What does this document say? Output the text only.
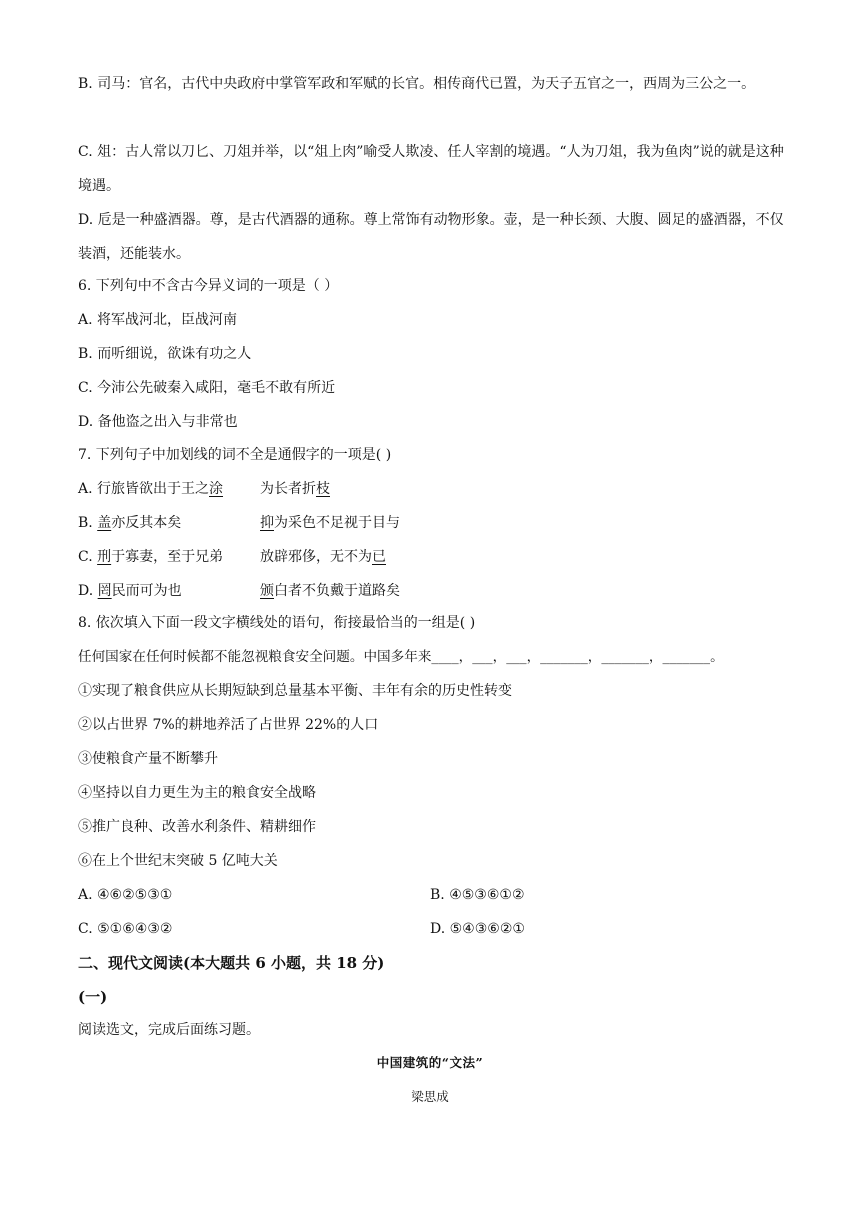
B. 司马：官名，古代中央政府中掌管军政和军赋的长官。相传商代已置，为天子五官之一，西周为三公之一。
C. 俎：古人常以刀匕、刀俎并举，以“俎上肉”喻受人欺凌、任人宰割的境遇。“人为刀俎，我为鱼肉”说的就是这种境遇。
D. 卮是一种盛酒器。尊，是古代酒器的通称。尊上常饰有动物形象。壶，是一种长颈、大腹、圆足的盛酒器，不仅装酒，还能装水。
6. 下列句中不含古今异义词的一项是（ ）
A. 将军战河北，臣战河南
B. 而听细说，欲诛有功之人
C. 今沛公先破秦入咸阳，毫毛不敢有所近
D. 备他盗之出入与非常也
7. 下列句子中加划线的词不全是通假字的一项是( )
A. 行旅皆欲出于王之涂	为长者折枝
B. 盖亦反其本矣	抑为采色不足视于目与
C. 刑于寡妻，至于兄弟	放辟邪侈，无不为已
D. 罔民而可为也	颁白者不负戴于道路矣
8. 依次填入下面一段文字横线处的语句，衔接最恰当的一组是( )
任何国家在任何时候都不能忽视粮食安全问题。中国多年来____，___，___，_______，_______，_______。
①实现了粮食供应从长期短缺到总量基本平衡、丰年有余的历史性转变
②以占世界 7%的耕地养活了占世界 22%的人口
③使粮食产量不断攀升
④坚持以自力更生为主的粮食安全战略
⑤推广良种、改善水利条件、精耕细作
⑥在上个世纪末突破 5 亿吨大关
A. ④⑥②⑤③①	B. ④⑤③⑥①②
C. ⑤①⑥④③②	D. ⑤④③⑥②①
二、现代文阅读(本大题共 6 小题，共 18 分)
(一)
阅读选文，完成后面练习题。
中国建筑的“文法”
梁思成
